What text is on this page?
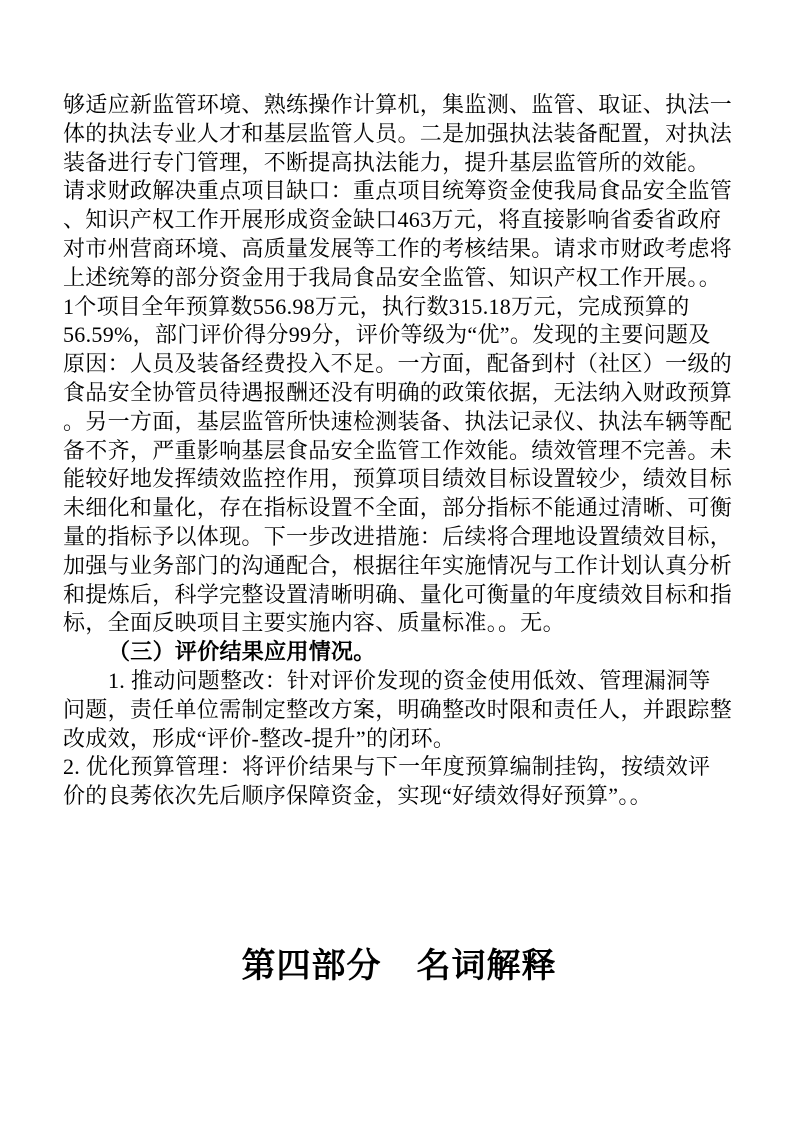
够适应新监管环境、熟练操作计算机，集监测、监管、取证、执法一
体的执法专业人才和基层监管人员。二是加强执法装备配置，对执法
装备进行专门管理，不断提高执法能力，提升基层监管所的效能。
请求财政解决重点项目缺口：重点项目统筹资金使我局食品安全监管
、知识产权工作开展形成资金缺口463万元，将直接影响省委省政府
对市州营商环境、高质量发展等工作的考核结果。请求市财政考虑将
上述统筹的部分资金用于我局食品安全监管、知识产权工作开展。。
1个项目全年预算数556.98万元，执行数315.18万元，完成预算的
56.59%，部门评价得分99分，评价等级为“优”。发现的主要问题及
原因：人员及装备经费投入不足。一方面，配备到村（社区）一级的
食品安全协管员待遇报酬还没有明确的政策依据，无法纳入财政预算
。另一方面，基层监管所快速检测装备、执法记录仪、执法车辆等配
备不齐，严重影响基层食品安全监管工作效能。绩效管理不完善。未
能较好地发挥绩效监控作用，预算项目绩效目标设置较少，绩效目标
未细化和量化，存在指标设置不全面，部分指标不能通过清晰、可衡
量的指标予以体现。下一步改进措施：后续将合理地设置绩效目标，
加强与业务部门的沟通配合，根据往年实施情况与工作计划认真分析
和提炼后，科学完整设置清晰明确、量化可衡量的年度绩效目标和指
标，全面反映项目主要实施内容、质量标准。。无。
（三）评价结果应用情况。
1. 推动问题整改：针对评价发现的资金使用低效、管理漏洞等
问题，责任单位需制定整改方案，明确整改时限和责任人，并跟踪整
改成效，形成“评价-整改-提升”的闭环。
2. 优化预算管理：将评价结果与下一年度预算编制挂钩，按绩效评
价的良莠依次先后顺序保障资金，实现“好绩效得好预算”。。
第四部分　名词解释
